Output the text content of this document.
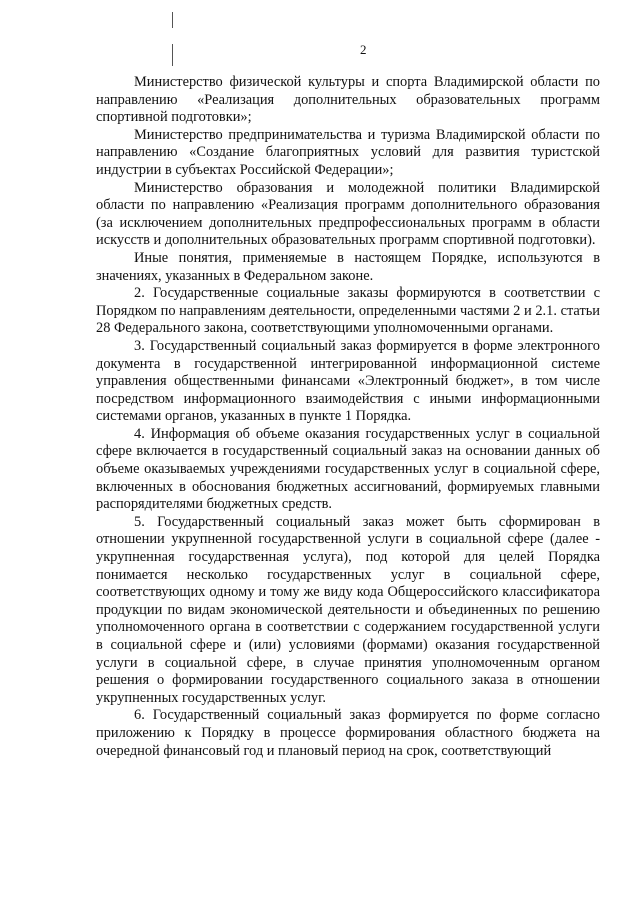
2

Министерство физической культуры и спорта Владимирской области по направлению «Реализация дополнительных образовательных программ спортивной подготовки»;

Министерство предпринимательства и туризма Владимирской области по направлению «Создание благоприятных условий для развития туристской индустрии в субъектах Российской Федерации»;

Министерство образования и молодежной политики Владимирской области по направлению «Реализация программ дополнительного образования (за исключением дополнительных предпрофессиональных программ в области искусств и дополнительных образовательных программ спортивной подготовки).

Иные понятия, применяемые в настоящем Порядке, используются в значениях, указанных в Федеральном законе.

2. Государственные социальные заказы формируются в соответствии с Порядком по направлениям деятельности, определенными частями 2 и 2.1. статьи 28 Федерального закона, соответствующими уполномоченными органами.

3. Государственный социальный заказ формируется в форме электронного документа в государственной интегрированной информационной системе управления общественными финансами «Электронный бюджет», в том числе посредством информационного взаимодействия с иными информационными системами органов, указанных в пункте 1 Порядка.

4. Информация об объеме оказания государственных услуг в социальной сфере включается в государственный социальный заказ на основании данных об объеме оказываемых учреждениями государственных услуг в социальной сфере, включенных в обоснования бюджетных ассигнований, формируемых главными распорядителями бюджетных средств.

5. Государственный социальный заказ может быть сформирован в отношении укрупненной государственной услуги в социальной сфере (далее - укрупненная государственная услуга), под которой для целей Порядка понимается несколько государственных услуг в социальной сфере, соответствующих одному и тому же виду кода Общероссийского классификатора продукции по видам экономической деятельности и объединенных по решению уполномоченного органа в соответствии с содержанием государственной услуги в социальной сфере и (или) условиями (формами) оказания государственной услуги в социальной сфере, в случае принятия уполномоченным органом решения о формировании государственного социального заказа в отношении укрупненных государственных услуг.

6. Государственный социальный заказ формируется по форме согласно приложению к Порядку в процессе формирования областного бюджета на очередной финансовый год и плановый период на срок, соответствующий
